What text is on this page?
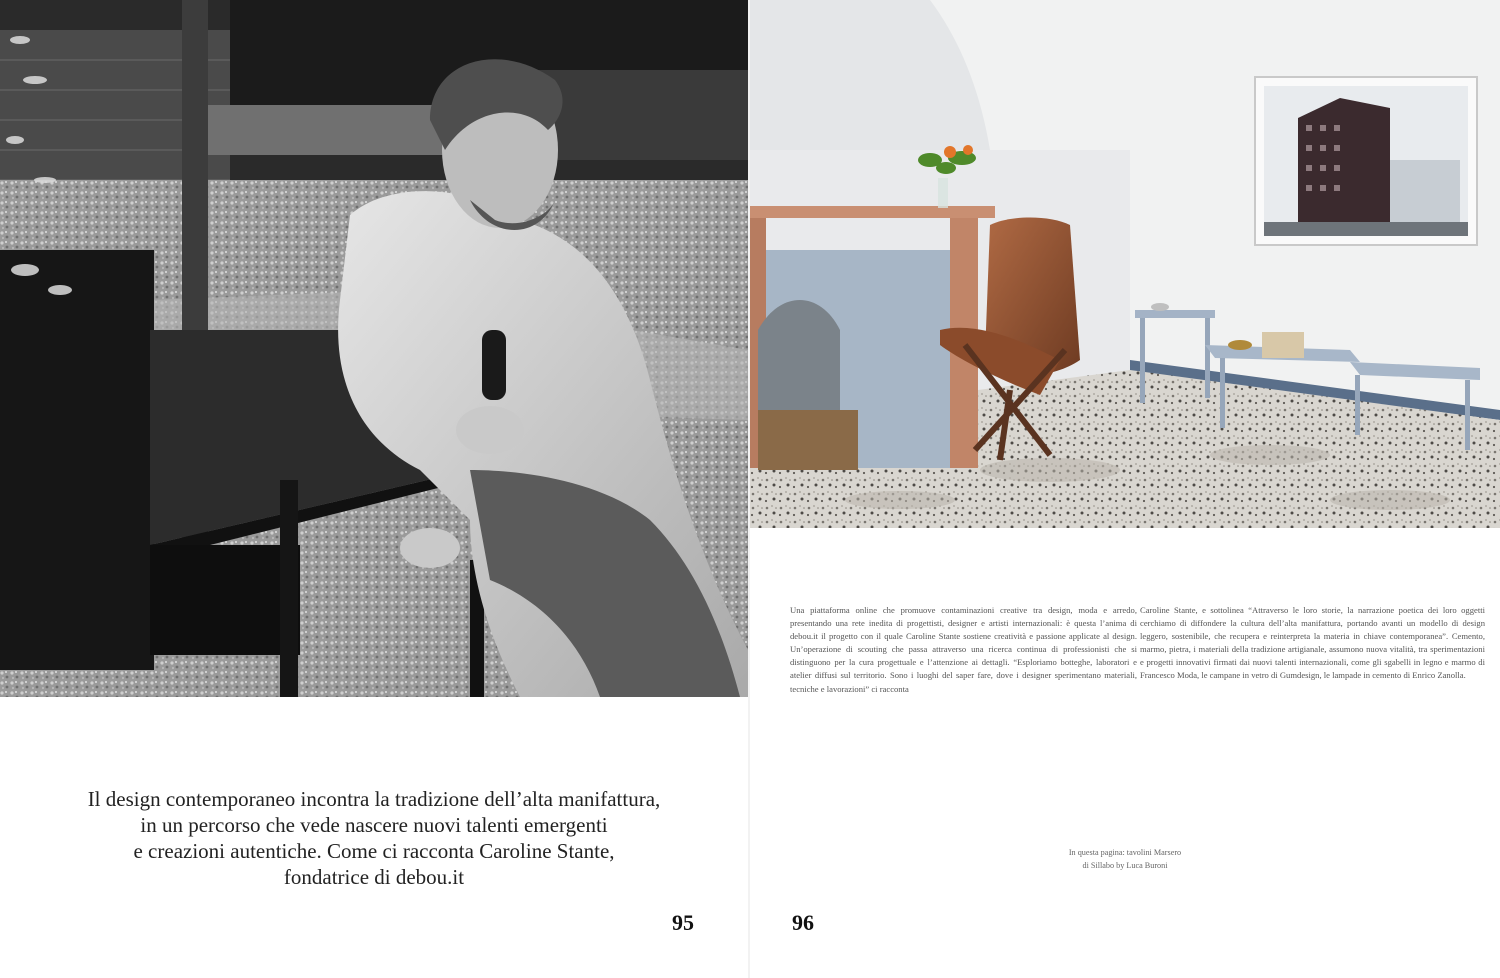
Il design contemporaneo incontra la tradizione dell’alta manifattura,
in un percorso che vede nascere nuovi talenti emergenti
e creazioni autentiche. Come ci racconta Caroline Stante,
fondatrice di debou.it
95
Una piattaforma online che promuove contaminazioni creative tra design, moda e arredo, presentando una rete inedita di progettisti, designer e artisti internazionali: è questa l’anima di debou.it il progetto con il quale Caroline Stante sostiene creatività e passione applicate al design. Un’operazione di scouting che passa attraverso una ricerca continua di professionisti che si distinguono per la cura progettuale e l’attenzione ai dettagli. “Esploriamo botteghe, laboratori e atelier diffusi sul territorio. Sono i luoghi del saper fare, dove i designer sperimentano materiali, tecniche e lavorazioni” ci racconta
Caroline Stante, e sottolinea “Attraverso le loro storie, la narrazione poetica dei loro oggetti cerchiamo di diffondere la cultura dell’alta manifattura, portando avanti un modello di design leggero, sostenibile, che recupera e reinterpreta la materia in chiave contemporanea”. Cemento, marmo, pietra, i materiali della tradizione artigianale, assumono nuova vitalità, tra sperimentazioni e progetti innovativi firmati dai nuovi talenti internazionali, come gli sgabelli in legno e marmo di Francesco Moda, le campane in vetro di Gumdesign, le lampade in cemento di Enrico Zanolla.
In questa pagina: tavolini Marsero
di Sillabo by Luca Buroni
96
